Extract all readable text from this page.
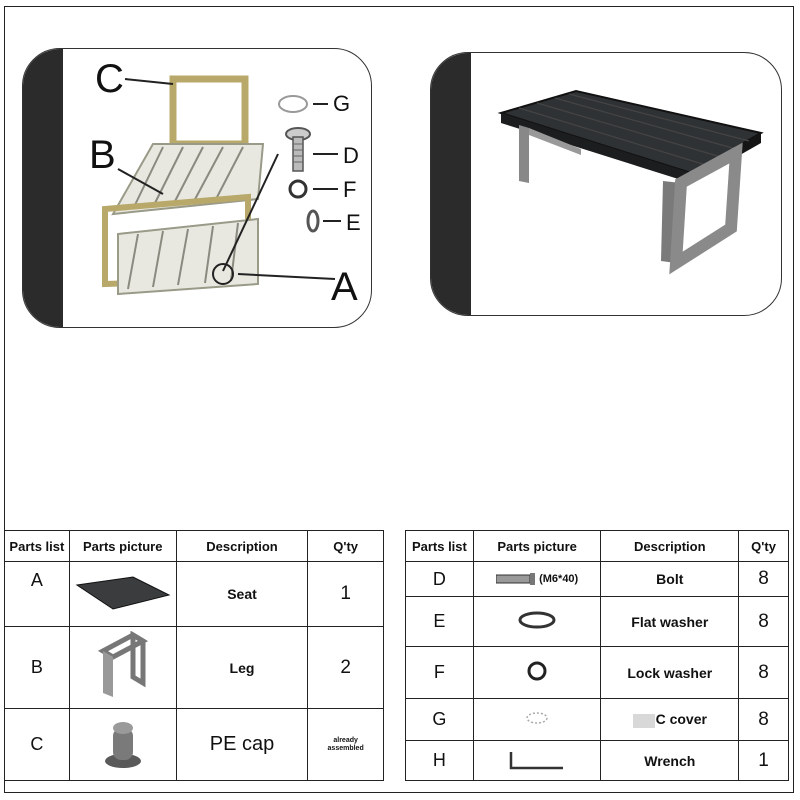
C
B
A
G
D
F
E
Parts list	Parts picture	Description	Q'ty
A		Seat	1
B		Leg	2
C		PE cap	already
assembled
Parts list	Parts picture	Description	Q'ty
D	(M6*40)	Bolt	8
E		Flat washer	8
F		Lock washer	8
G		C cover	8
H		Wrench	1
